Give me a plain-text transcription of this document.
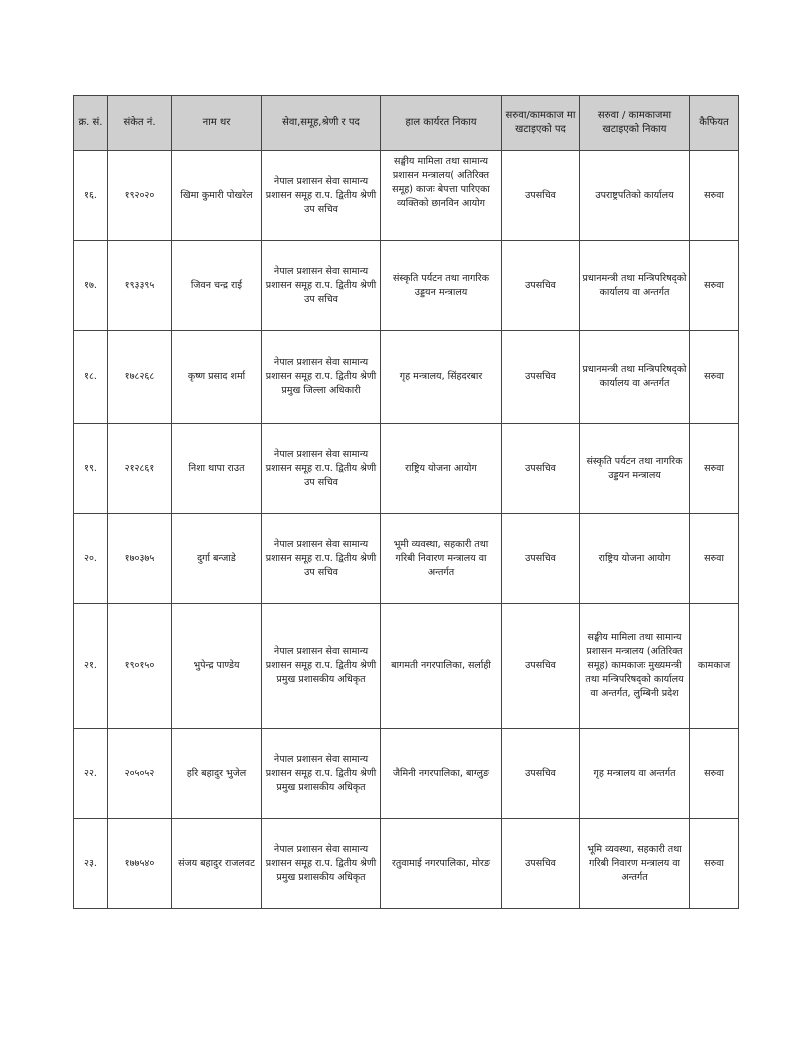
क्र. सं.	संकेत नं.	नाम थर	सेवा,समूह,श्रेणी र पद	हाल कार्यरत निकाय	सरुवा/कामकाज मा खटाइएको पद	सरुवा / कामकाजमा खटाइएको निकाय	कैफियत
१६.	१९२०२०	खिमा कुमारी पोखरेल	नेपाल प्रशासन सेवा सामान्य प्रशासन समूह रा.प. द्वितीय श्रेणी उप सचिव	सङ्घीय मामिला तथा सामान्य प्रशासन मन्त्रालय( अतिरिक्त समूह) काजः बेपत्ता पारिएका व्यक्तिको छानविन आयोग	उपसचिव	उपराष्ट्रपतिको कार्यालय	सरुवा
१७.	१९३३९५	जिवन चन्द्र राई	नेपाल प्रशासन सेवा सामान्य प्रशासन समूह रा.प. द्वितीय श्रेणी उप सचिव	संस्कृति पर्यटन तथा नागरिक उड्डयन मन्त्रालय	उपसचिव	प्रधानमन्त्री तथा मन्त्रिपरिषद्को कार्यालय वा अन्तर्गत	सरुवा
१८.	१७८२६८	कृष्ण प्रसाद शर्मा	नेपाल प्रशासन सेवा सामान्य प्रशासन समूह रा.प. द्वितीय श्रेणी प्रमुख जिल्ला अधिकारी	गृह मन्त्रालय, सिंहदरबार	उपसचिव	प्रधानमन्त्री तथा मन्त्रिपरिषद्को कार्यालय वा अन्तर्गत	सरुवा
१९.	२१२८६१	निशा थापा राउत	नेपाल प्रशासन सेवा सामान्य प्रशासन समूह रा.प. द्वितीय श्रेणी उप सचिव	राष्ट्रिय योजना आयोग	उपसचिव	संस्कृति पर्यटन तथा नागरिक उड्डयन मन्त्रालय	सरुवा
२०.	१७०३७५	दुर्गा बन्जाडे	नेपाल प्रशासन सेवा सामान्य प्रशासन समूह रा.प. द्वितीय श्रेणी उप सचिव	भूमी व्यवस्था, सहकारी तथा गरिबी निवारण मन्त्रालय वा अन्तर्गत	उपसचिव	राष्ट्रिय योजना आयोग	सरुवा
२१.	१९०१५०	भुपेन्द्र पाण्डेय	नेपाल प्रशासन सेवा सामान्य प्रशासन समूह रा.प. द्वितीय श्रेणी प्रमुख प्रशासकीय अधिकृत	बागमती नगरपालिका, सर्लाही	उपसचिव	सङ्घीय मामिला तथा सामान्य प्रशासन मन्त्रालय (अतिरिक्त समूह) कामकाजः मुख्यमन्त्री तथा मन्त्रिपरिषद्को कार्यालय वा अन्तर्गत, लुम्बिनी प्रदेश	कामकाज
२२.	२०५०५२	हरि बहादुर भुजेल	नेपाल प्रशासन सेवा सामान्य प्रशासन समूह रा.प. द्वितीय श्रेणी प्रमुख प्रशासकीय अधिकृत	जैमिनी नगरपालिका, बाग्लुङ	उपसचिव	गृह मन्त्रालय वा अन्तर्गत	सरुवा
२३.	१७७५४०	संजय बहादुर राजलवट	नेपाल प्रशासन सेवा सामान्य प्रशासन समूह रा.प. द्वितीय श्रेणी प्रमुख प्रशासकीय अधिकृत	रतुवामाई नगरपालिका, मोरङ	उपसचिव	भूमि व्यवस्था, सहकारी तथा गरिबी निवारण मन्त्रालय वा अन्तर्गत	सरुवा
